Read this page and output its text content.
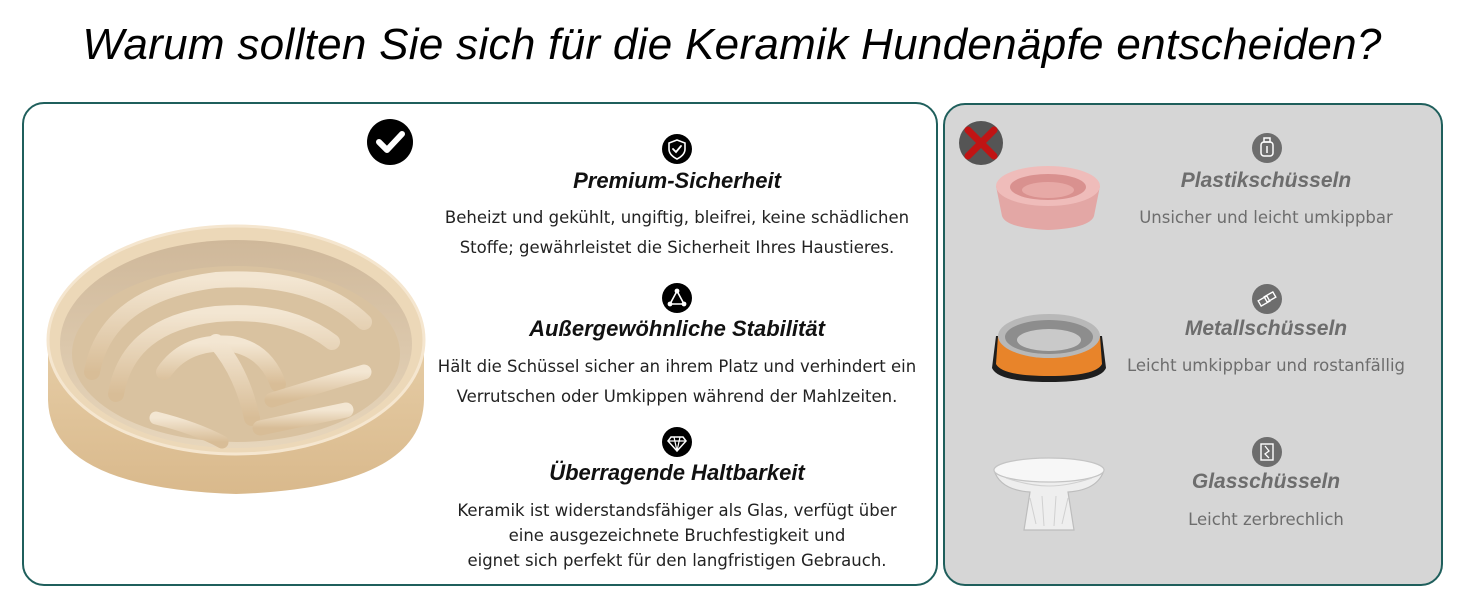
Warum sollten Sie sich für die Keramik Hundenäpfe entscheiden?
Premium-Sicherheit
Beheizt und gekühlt, ungiftig, bleifrei, keine schädlichen
Stoffe; gewährleistet die Sicherheit Ihres Haustieres.
Außergewöhnliche Stabilität
Hält die Schüssel sicher an ihrem Platz und verhindert ein
Verrutschen oder Umkippen während der Mahlzeiten.
Überragende Haltbarkeit
Keramik ist widerstandsfähiger als Glas, verfügt über
eine ausgezeichnete Bruchfestigkeit und
eignet sich perfekt für den langfristigen Gebrauch.
Plastikschüsseln
Unsicher und leicht umkippbar
Metallschüsseln
Leicht umkippbar und rostanfällig
Glasschüsseln
Leicht zerbrechlich
